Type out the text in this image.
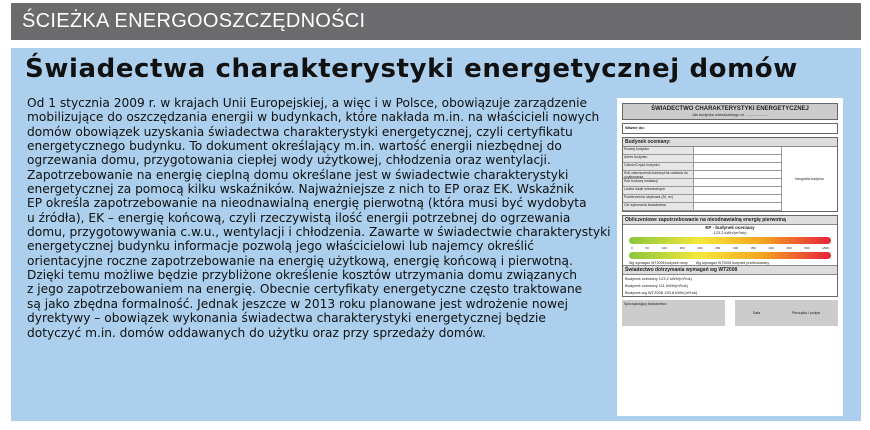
ŚCIEŻKA ENERGOOSZCZĘDNOŚCI
Świadectwa charakterystyki energetycznej domów
Od 1 stycznia 2009 r. w krajach Unii Europejskiej, a więc i w Polsce, obowiązuje zarządzenie
mobilizujące do oszczędzania energii w budynkach, które nakłada m.in. na właścicieli nowych
domów obowiązek uzyskania świadectwa charakterystyki energetycznej, czyli certyfikatu
energetycznego budynku. To dokument określający m.in. wartość energii niezbędnej do
ogrzewania domu, przygotowania ciepłej wody użytkowej, chłodzenia oraz wentylacji.
Zapotrzebowanie na energię cieplną domu określane jest w świadectwie charakterystyki
energetycznej za pomocą kilku wskaźników. Najważniejsze z nich to EP oraz EK. Wskaźnik
EP określa zapotrzebowanie na nieodnawialną energię pierwotną (która musi być wydobyta
u źródła), EK – energię końcową, czyli rzeczywistą ilość energii potrzebnej do ogrzewania
domu, przygotowywania c.w.u., wentylacji i chłodzenia. Zawarte w świadectwie charakterystyki
energetycznej budynku informacje pozwolą jego właścicielowi lub najemcy określić
orientacyjne roczne zapotrzebowanie na energię użytkową, energię końcową i pierwotną.
Dzięki temu możliwe będzie przybliżone określenie kosztów utrzymania domu związanych
z jego zapotrzebowaniem na energię. Obecnie certyfikaty energetyczne często traktowane
są jako zbędna formalność. Jednak jeszcze w 2013 roku planowane jest wdrożenie nowej
dyrektywy – obowiązek wykonania świadectwa charakterystyki energetycznej będzie
dotyczyć m.in. domów oddawanych do użytku oraz przy sprzedaży domów.
ŚWIADECTWO CHARAKTERYSTYKI ENERGETYCZNEJ
dla budynku mieszkalnego nr ....................
Ważne do:
Budynek oceniany:
Rodzaj budynku
Adres budynku
Całość/Część budynku
Rok zakończenia budowy/rok oddania do użytkowania
Rok budowy instalacji
Liczba lokali mieszkalnych
Powierzchnia użytkowa (Af, m²)
Cel wykonania świadectwa
fotografia budynku
Obliczeniowe zapotrzebowanie na nieodnawialną energię pierwotną
EP - budynek oceniany
123.2 kWh/(m²rok)
0	50	100	150	200	250	300	350	400	450	500	≥500
Wg wymagań WT2008 budynek nowy Wg wymagań WT2008 budynek przebudowany
Świadectwo dotrzymania wymagań wg WT2008
Budynek oceniany 123,2 kWh/(m²rok)
Budynek oceniany 111 kWh/(m²rok)
Budynek wg WT2008 130,8 kWh/(m²rok)
Sporządzający świadectwo:
Data	Pieczątka i podpis
